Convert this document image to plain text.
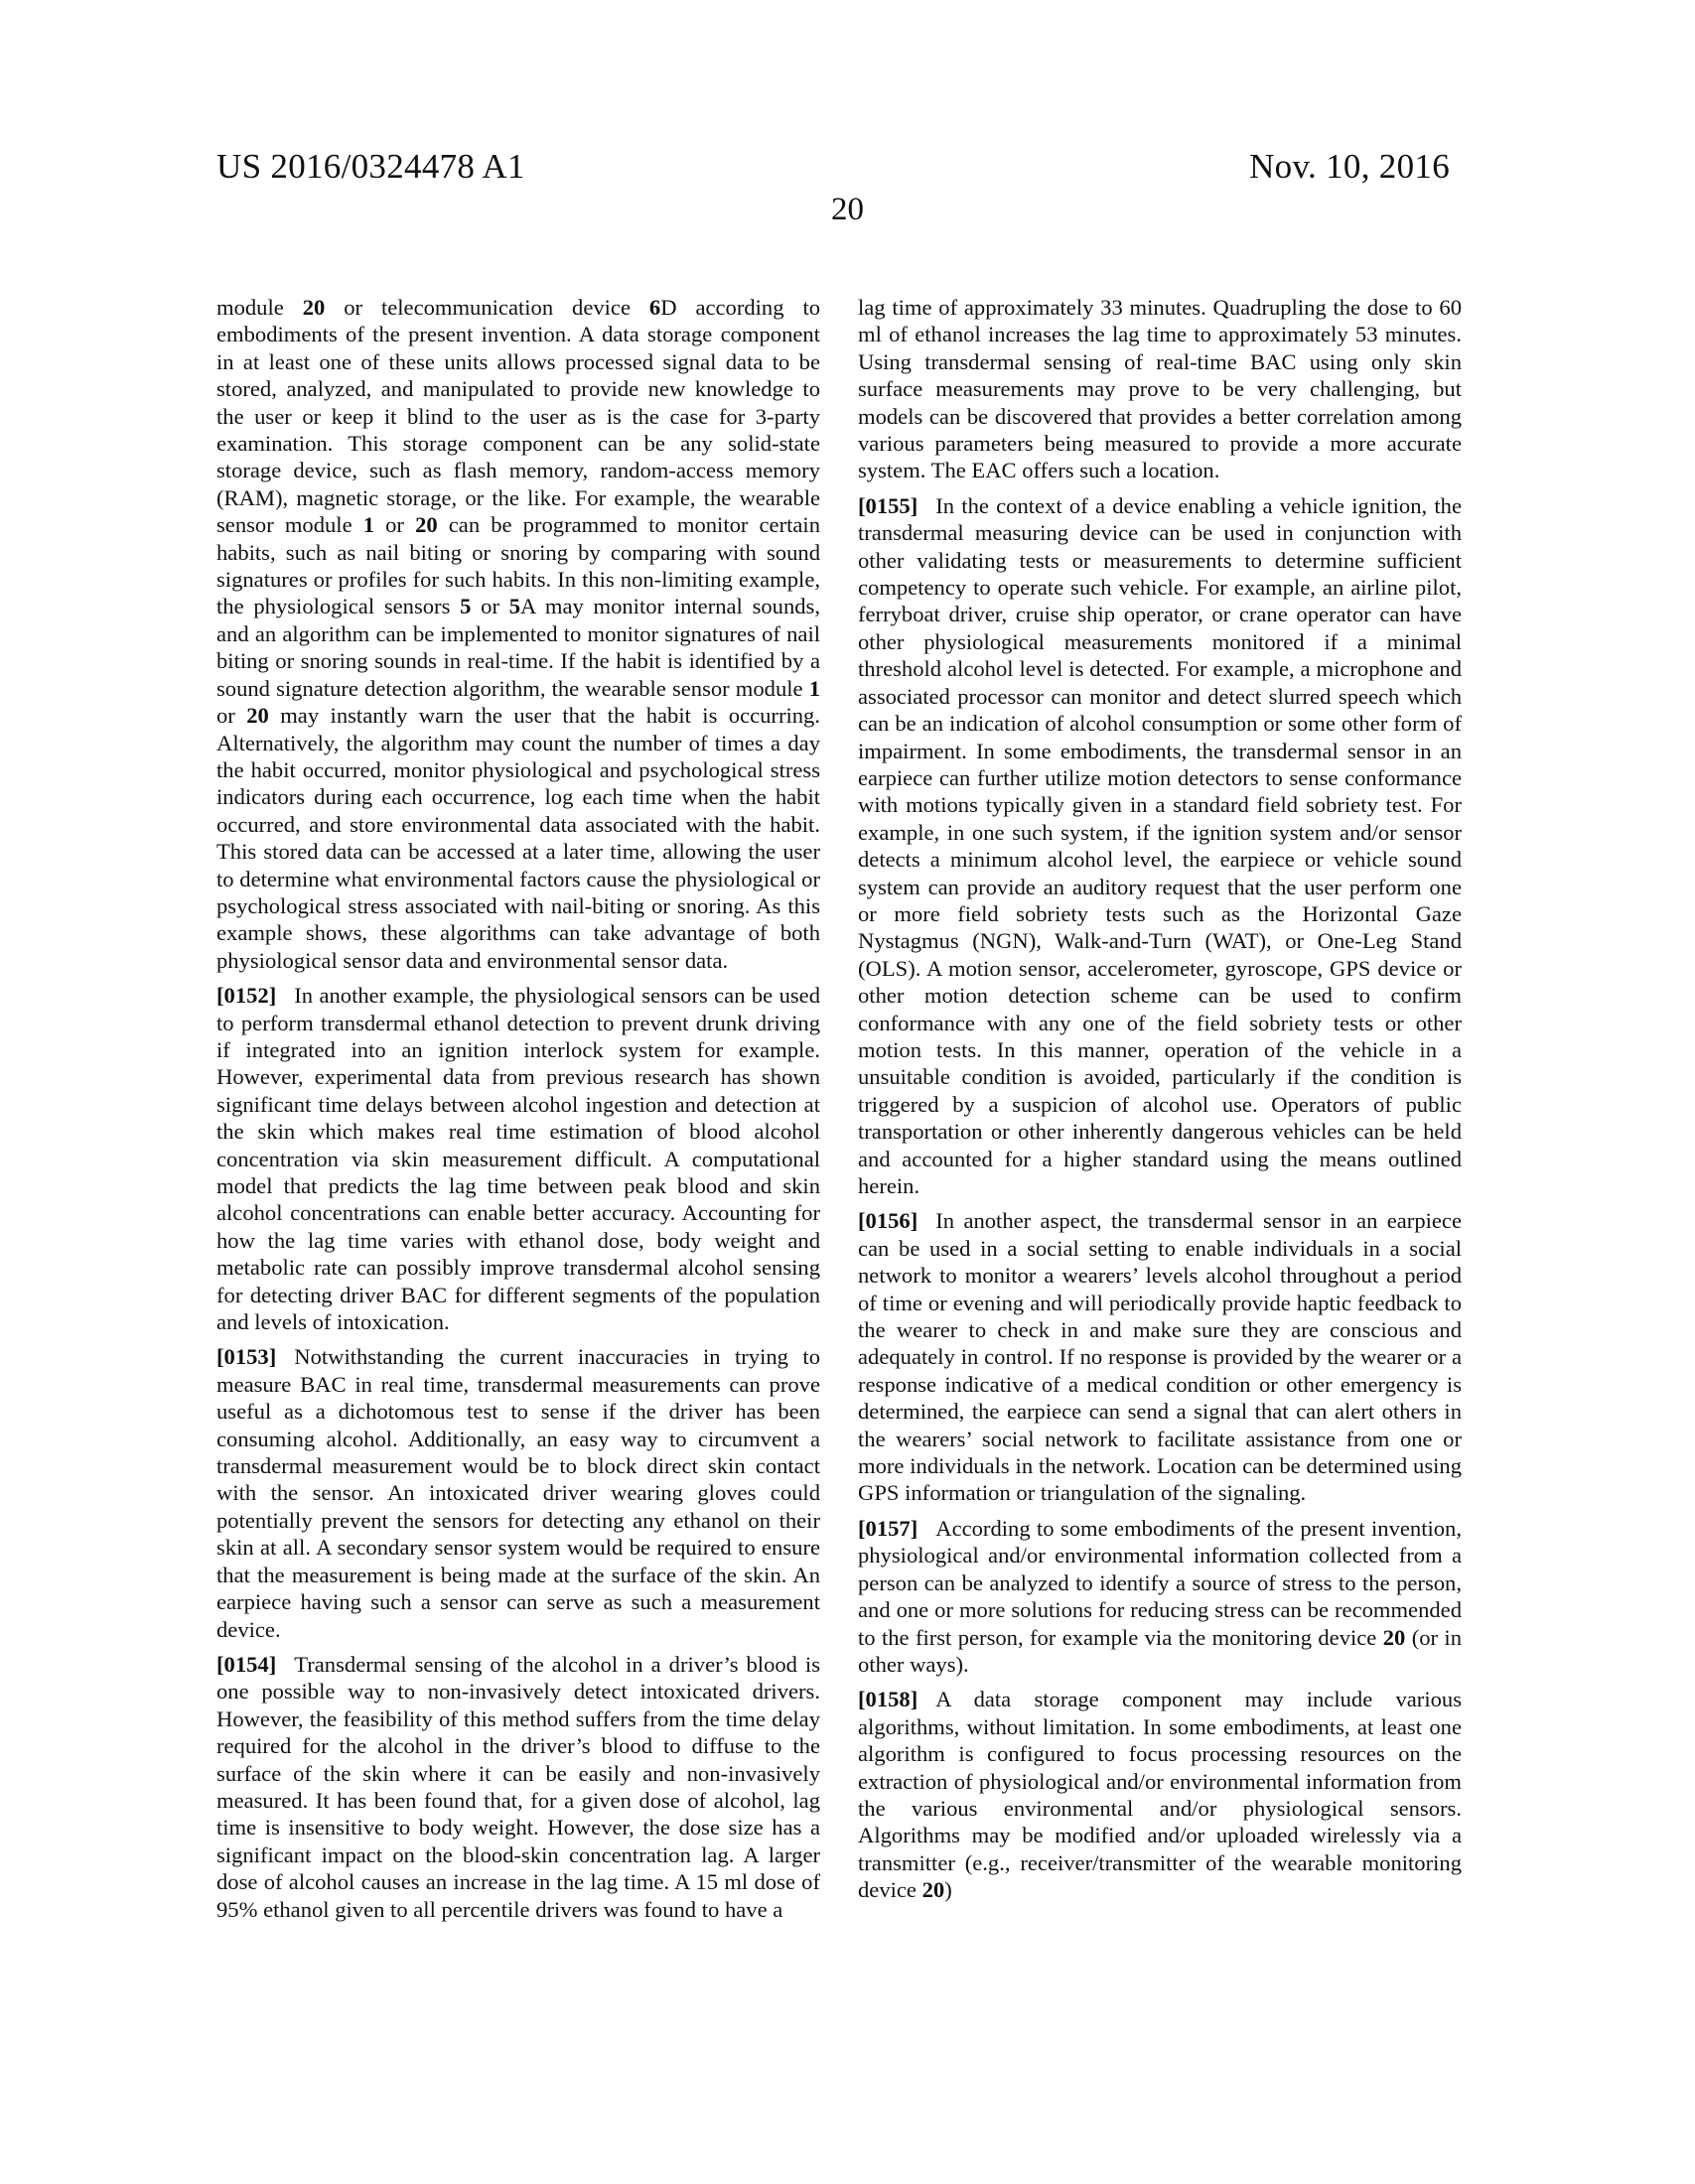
US 2016/0324478 A1	Nov. 10, 2016
20

module 20 or telecommunication device 6D according to embodiments of the present invention. A data storage component in at least one of these units allows processed signal data to be stored, analyzed, and manipulated to provide new knowledge to the user or keep it blind to the user as is the case for 3-party examination. This storage component can be any solid-state storage device, such as flash memory, random-access memory (RAM), magnetic storage, or the like. For example, the wearable sensor module 1 or 20 can be programmed to monitor certain habits, such as nail biting or snoring by comparing with sound signatures or profiles for such habits. In this non-limiting example, the physiological sensors 5 or 5A may monitor internal sounds, and an algorithm can be implemented to monitor signatures of nail biting or snoring sounds in real-time. If the habit is identified by a sound signature detection algorithm, the wearable sensor module 1 or 20 may instantly warn the user that the habit is occurring. Alternatively, the algorithm may count the number of times a day the habit occurred, monitor physiological and psychological stress indicators during each occurrence, log each time when the habit occurred, and store environmental data associated with the habit. This stored data can be accessed at a later time, allowing the user to determine what environmental factors cause the physiological or psychological stress associated with nail-biting or snoring. As this example shows, these algorithms can take advantage of both physiological sensor data and environmental sensor data.

[0152] In another example, the physiological sensors can be used to perform transdermal ethanol detection to prevent drunk driving if integrated into an ignition interlock system for example. However, experimental data from previous research has shown significant time delays between alcohol ingestion and detection at the skin which makes real time estimation of blood alcohol concentration via skin measurement difficult. A computational model that predicts the lag time between peak blood and skin alcohol concentrations can enable better accuracy. Accounting for how the lag time varies with ethanol dose, body weight and metabolic rate can possibly improve transdermal alcohol sensing for detecting driver BAC for different segments of the population and levels of intoxication.

[0153] Notwithstanding the current inaccuracies in trying to measure BAC in real time, transdermal measurements can prove useful as a dichotomous test to sense if the driver has been consuming alcohol. Additionally, an easy way to circumvent a transdermal measurement would be to block direct skin contact with the sensor. An intoxicated driver wearing gloves could potentially prevent the sensors for detecting any ethanol on their skin at all. A secondary sensor system would be required to ensure that the measurement is being made at the surface of the skin. An earpiece having such a sensor can serve as such a measurement device.

[0154] Transdermal sensing of the alcohol in a driver’s blood is one possible way to non-invasively detect intoxicated drivers. However, the feasibility of this method suffers from the time delay required for the alcohol in the driver’s blood to diffuse to the surface of the skin where it can be easily and non-invasively measured. It has been found that, for a given dose of alcohol, lag time is insensitive to body weight. However, the dose size has a significant impact on the blood-skin concentration lag. A larger dose of alcohol causes an increase in the lag time. A 15 ml dose of 95% ethanol given to all percentile drivers was found to have a

lag time of approximately 33 minutes. Quadrupling the dose to 60 ml of ethanol increases the lag time to approximately 53 minutes. Using transdermal sensing of real-time BAC using only skin surface measurements may prove to be very challenging, but models can be discovered that provides a better correlation among various parameters being measured to provide a more accurate system. The EAC offers such a location.

[0155] In the context of a device enabling a vehicle ignition, the transdermal measuring device can be used in conjunction with other validating tests or measurements to determine sufficient competency to operate such vehicle. For example, an airline pilot, ferryboat driver, cruise ship operator, or crane operator can have other physiological measurements monitored if a minimal threshold alcohol level is detected. For example, a microphone and associated processor can monitor and detect slurred speech which can be an indication of alcohol consumption or some other form of impairment. In some embodiments, the transdermal sensor in an earpiece can further utilize motion detectors to sense conformance with motions typically given in a standard field sobriety test. For example, in one such system, if the ignition system and/or sensor detects a minimum alcohol level, the earpiece or vehicle sound system can provide an auditory request that the user perform one or more field sobriety tests such as the Horizontal Gaze Nystagmus (NGN), Walk-and-Turn (WAT), or One-Leg Stand (OLS). A motion sensor, accelerometer, gyroscope, GPS device or other motion detection scheme can be used to confirm conformance with any one of the field sobriety tests or other motion tests. In this manner, operation of the vehicle in a unsuitable condition is avoided, particularly if the condition is triggered by a suspicion of alcohol use. Operators of public transportation or other inherently dangerous vehicles can be held and accounted for a higher standard using the means outlined herein.

[0156] In another aspect, the transdermal sensor in an earpiece can be used in a social setting to enable individuals in a social network to monitor a wearers’ levels alcohol throughout a period of time or evening and will periodically provide haptic feedback to the wearer to check in and make sure they are conscious and adequately in control. If no response is provided by the wearer or a response indicative of a medical condition or other emergency is determined, the earpiece can send a signal that can alert others in the wearers’ social network to facilitate assistance from one or more individuals in the network. Location can be determined using GPS information or triangulation of the signaling.

[0157] According to some embodiments of the present invention, physiological and/or environmental information collected from a person can be analyzed to identify a source of stress to the person, and one or more solutions for reducing stress can be recommended to the first person, for example via the monitoring device 20 (or in other ways).

[0158] A data storage component may include various algorithms, without limitation. In some embodiments, at least one algorithm is configured to focus processing resources on the extraction of physiological and/or environmental information from the various environmental and/or physiological sensors. Algorithms may be modified and/or uploaded wirelessly via a transmitter (e.g., receiver/transmitter of the wearable monitoring device 20)
